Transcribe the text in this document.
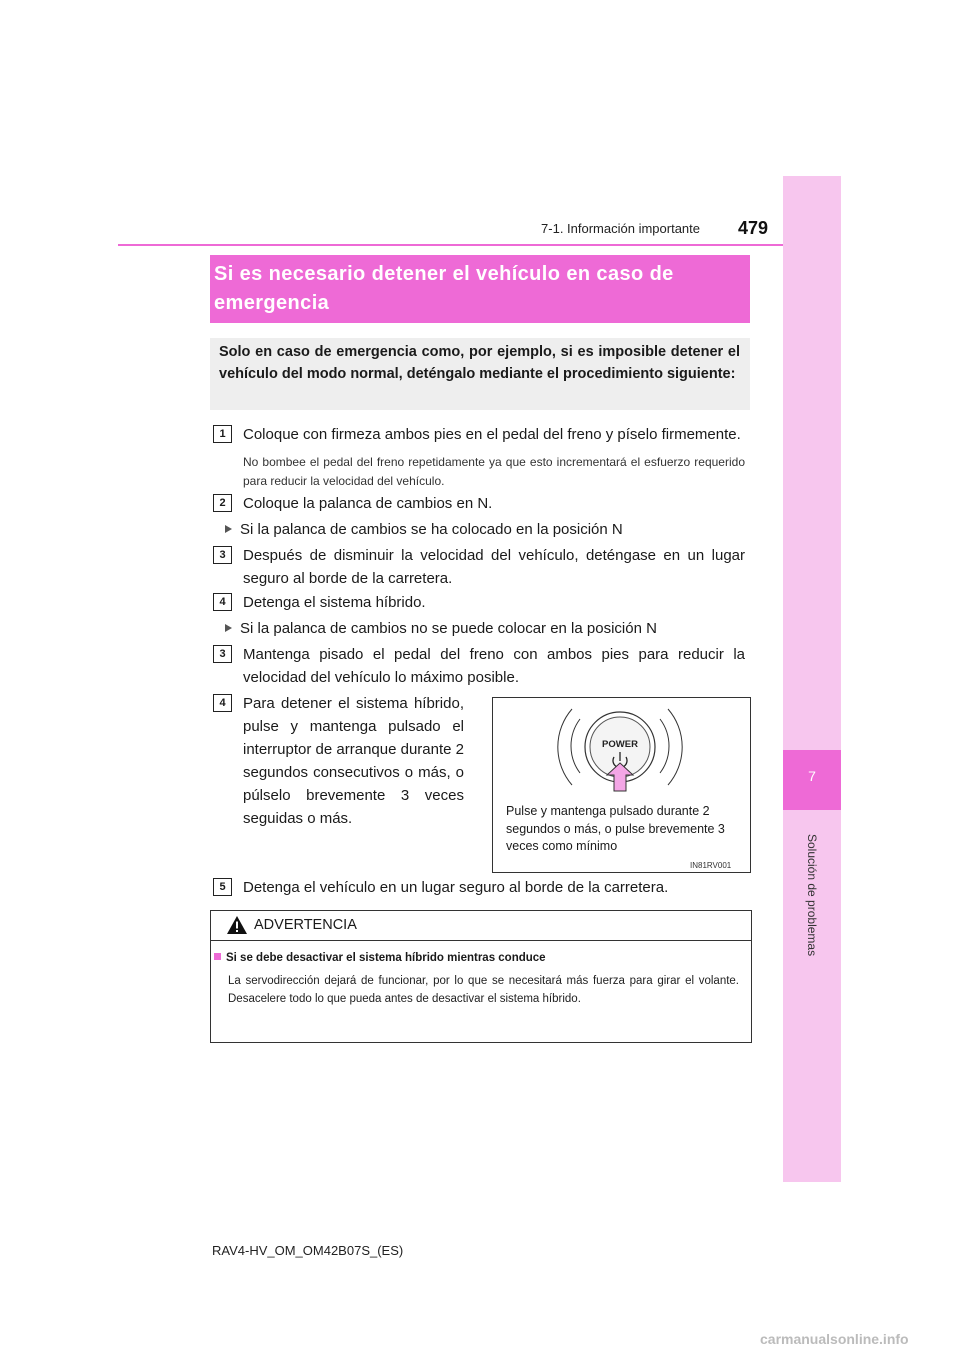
7
Solución de problemas
7-1. Información importante 479
Si es necesario detener el vehículo en caso de emergencia
Solo en caso de emergencia como, por ejemplo, si es imposible detener el vehículo del modo normal, deténgalo mediante el procedimiento siguiente:
1	Coloque con firmeza ambos pies en el pedal del freno y píselo firmemente.
No bombee el pedal del freno repetidamente ya que esto incrementará el esfuerzo requerido para reducir la velocidad del vehículo.
2	Coloque la palanca de cambios en N.
Si la palanca de cambios se ha colocado en la posición N
3	Después de disminuir la velocidad del vehículo, deténgase en un lugar seguro al borde de la carretera.
4	Detenga el sistema híbrido.
Si la palanca de cambios no se puede colocar en la posición N
3	Mantenga pisado el pedal del freno con ambos pies para reducir la velocidad del vehículo lo máximo posible.
4	Para detener el sistema híbrido, pulse y mantenga pulsado el interruptor de arranque durante 2 segundos consecutivos o más, o púlselo brevemente 3 veces seguidas o más.
POWER
Pulse y mantenga pulsado durante 2 segundos o más, o pulse brevemente 3 veces como mínimo
IN81RV001
5	Detenga el vehículo en un lugar seguro al borde de la carretera.
ADVERTENCIA
Si se debe desactivar el sistema híbrido mientras conduce
La servodirección dejará de funcionar, por lo que se necesitará más fuerza para girar el volante. Desacelere todo lo que pueda antes de desactivar el sistema híbrido.
RAV4-HV_OM_OM42B07S_(ES)
carmanualsonline.info
